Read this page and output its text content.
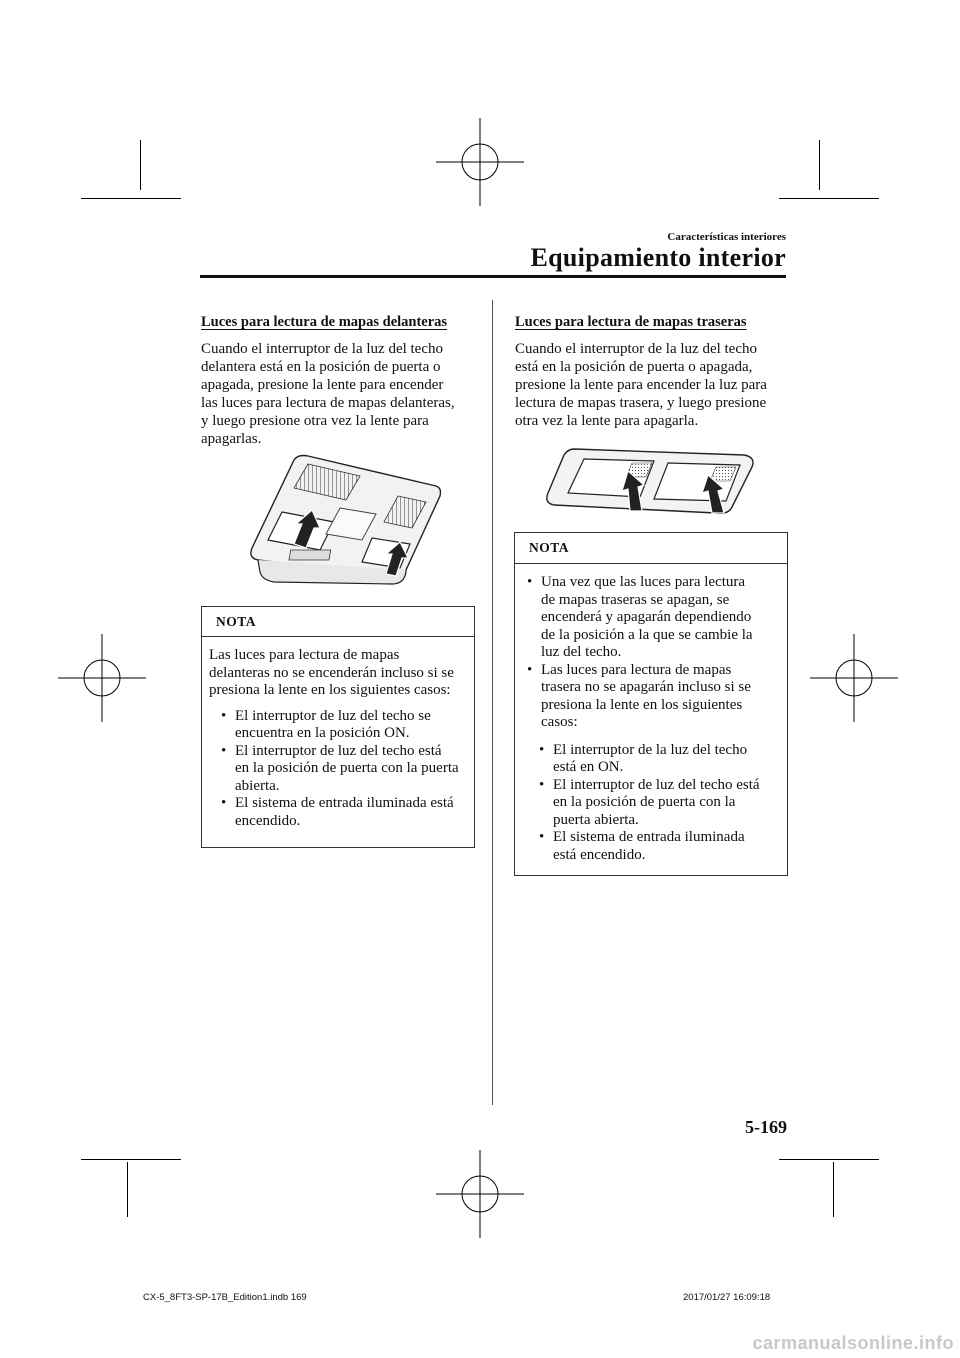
Características interiores
Equipamiento interior
Luces para lectura de mapas delanteras

Cuando el interruptor de la luz del techo

delantera está en la posición de puerta o

apagada, presione la lente para encender

las luces para lectura de mapas delanteras,

y luego presione otra vez la lente para

apagarlas.

NOTA

Las luces para lectura de mapas

delanteras no se encenderán incluso si se

presiona la lente en los siguientes casos:

• El interruptor de luz del techo se

encuentra en la posición ON.

• El interruptor de luz del techo está

en la posición de puerta con la puerta

abierta.

• El sistema de entrada iluminada está

encendido.

Luces para lectura de mapas traseras

Cuando el interruptor de la luz del techo

está en la posición de puerta o apagada,

presione la lente para encender la luz para

lectura de mapas trasera, y luego presione

otra vez la lente para apagarla.

NOTA
• Una vez que las luces para lectura

de mapas traseras se apagan, se

encenderá y apagarán dependiendo

de la posición a la que se cambie la

luz del techo.

• Las luces para lectura de mapas

trasera no se apagarán incluso si se

presiona la lente en los siguientes

casos:

• El interruptor de la luz del techo

está en ON.

• El interruptor de luz del techo está

en la posición de puerta con la

puerta abierta.

• El sistema de entrada iluminada

está encendido.

5-169
CX-5_8FT3-SP-17B_Edition1.indb 169	2017/01/27 16:09:18
carmanualsonline.info
